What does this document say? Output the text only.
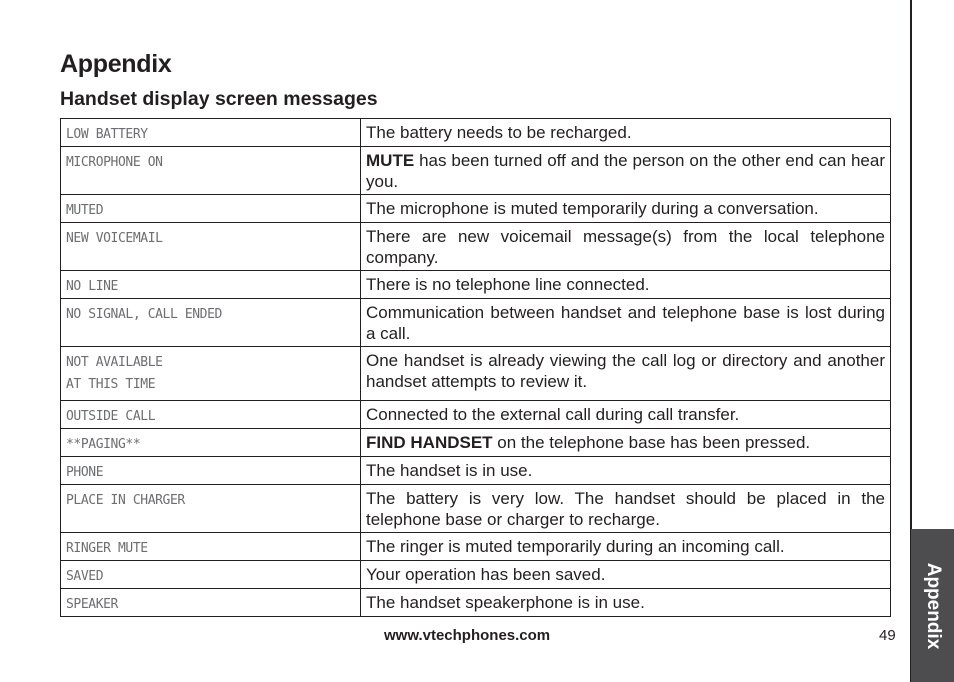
Appendix
Appendix
Handset display screen messages
LOW BATTERY	The battery needs to be recharged.

MICROPHONE ON	MUTE has been turned off and the person on the other end can hear you.

MUTED	The microphone is muted temporarily during a conversation.

NEW VOICEMAIL	There are new voicemail message(s) from the local telephone company.

NO LINE	There is no telephone line connected.

NO SIGNAL, CALL ENDED	Communication between handset and telephone base is lost during a call.

NOT AVAILABLE
AT THIS TIME	One handset is already viewing the call log or directory and another handset attempts to review it.

OUTSIDE CALL	Connected to the external call during call transfer.

**PAGING**	FIND HANDSET on the telephone base has been pressed.

PHONE	The handset is in use.

PLACE IN CHARGER	The battery is very low. The handset should be placed in the telephone base or charger to recharge.

RINGER MUTE	The ringer is muted temporarily during an incoming call.

SAVED	Your operation has been saved.

SPEAKER	The handset speakerphone is in use.
www.vtechphones.com	49
